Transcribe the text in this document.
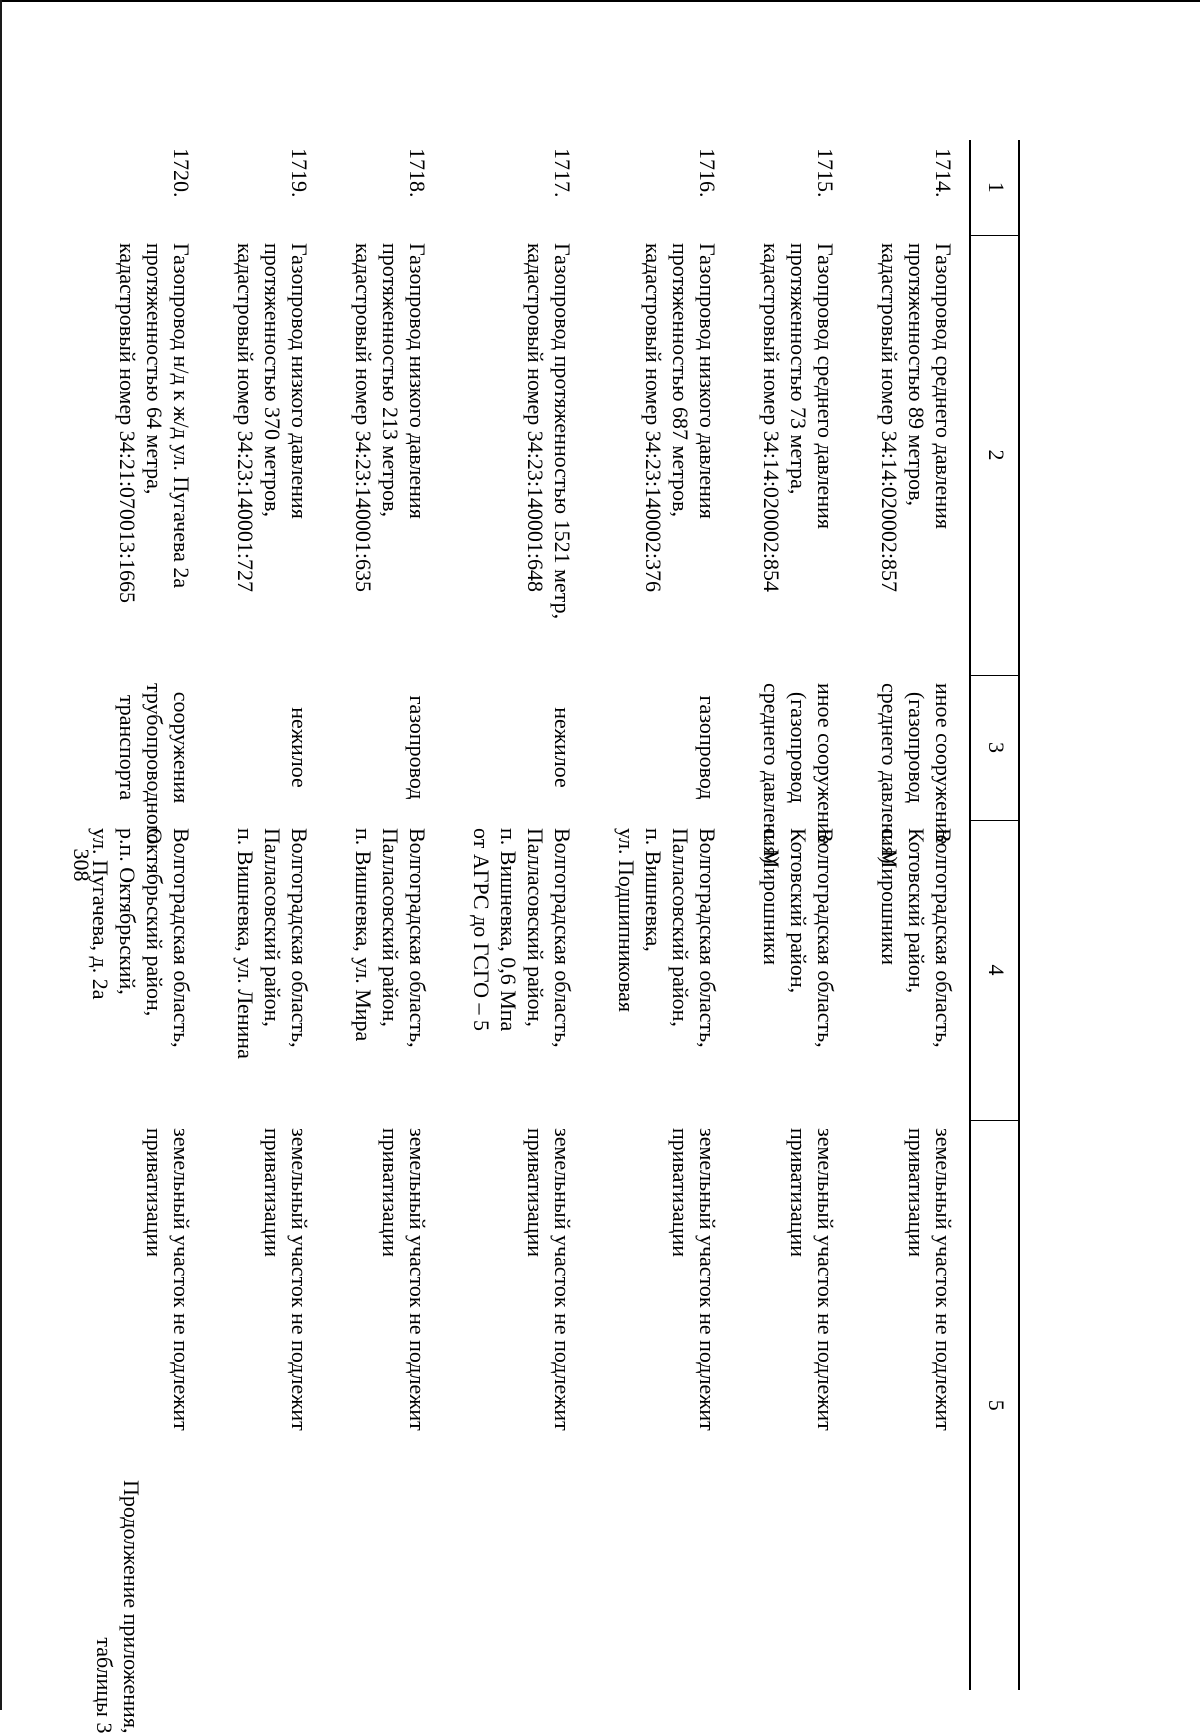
308
Продолжение приложения,
таблицы 3
1	2	3	4	5
1714.	Газопровод среднего давления
протяженностью 89 метров,
кадастровый номер 34:14:020002:857	иное сооружение
(газопровод
среднего давления)	Волгоградская область,
Котовский район,
с. Мирошники	земельный участок не подлежит
приватизации

1715.	Газопровод среднего давления
протяженностью 73 метра,
кадастровый номер 34:14:020002:854	иное сооружение
(газопровод
среднего давления)	Волгоградская область,
Котовский район,
с. Мирошники	земельный участок не подлежит
приватизации

1716.	Газопровод низкого давления
протяженностью 687 метров,
кадастровый номер 34:23:140002:376	газопровод	Волгоградская область,
Палласовский район,
п. Вишневка,
ул. Подшипниковая	земельный участок не подлежит
приватизации

1717.	Газопровод протяженностью 1521 метр,
кадастровый номер 34:23:140001:648	нежилое	Волгоградская область,
Палласовский район,
п. Вишневка, 0,6 Мпа
от АГРС до ГСГО – 5	земельный участок не подлежит
приватизации

1718.	Газопровод низкого давления
протяженностью 213 метров,
кадастровый номер 34:23:140001:635	газопровод	Волгоградская область,
Палласовский район,
п. Вишневка, ул. Мира	земельный участок не подлежит
приватизации

1719.	Газопровод низкого давления
протяженностью 370 метров,
кадастровый номер 34:23:140001:727	нежилое	Волгоградская область,
Палласовский район,
п. Вишневка, ул. Ленина	земельный участок не подлежит
приватизации

1720.	Газопровод н/д к ж/д ул. Пугачева 2а
протяженностью 64 метра,
кадастровый номер 34:21:070013:1665	сооружения
трубопроводного
транспорта	Волгоградская область,
Октябрьский район,
р.п. Октябрьский,
ул. Пугачева, д. 2а	земельный участок не подлежит
приватизации
